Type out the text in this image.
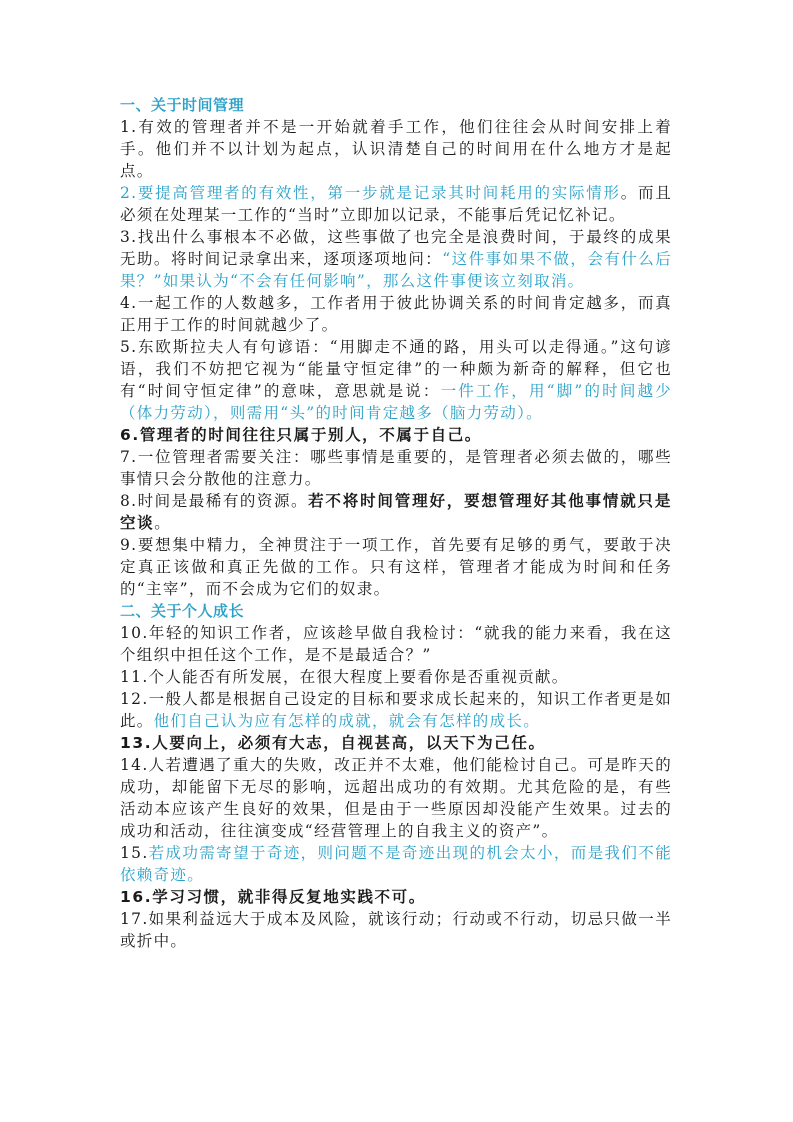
一、关于时间管理

1.有效的管理者并不是一开始就着手工作，他们往往会从时间安排上着手。他们并不以计划为起点，认识清楚自己的时间用在什么地方才是起点。

2.要提高管理者的有效性，第一步就是记录其时间耗用的实际情形。而且必须在处理某一工作的“当时”立即加以记录，不能事后凭记忆补记。

3.找出什么事根本不必做，这些事做了也完全是浪费时间，于最终的成果无助。将时间记录拿出来，逐项逐项地问：“这件事如果不做，会有什么后果？”如果认为“不会有任何影响”，那么这件事便该立刻取消。

4.一起工作的人数越多，工作者用于彼此协调关系的时间肯定越多，而真正用于工作的时间就越少了。

5.东欧斯拉夫人有句谚语：“用脚走不通的路，用头可以走得通。”这句谚语，我们不妨把它视为“能量守恒定律”的一种颇为新奇的解释，但它也有“时间守恒定律”的意味，意思就是说：一件工作，用“脚”的时间越少（体力劳动），则需用“头”的时间肯定越多（脑力劳动）。

6.管理者的时间往往只属于别人，不属于自己。

7.一位管理者需要关注：哪些事情是重要的，是管理者必须去做的，哪些事情只会分散他的注意力。

8.时间是最稀有的资源。若不将时间管理好，要想管理好其他事情就只是空谈。

9.要想集中精力，全神贯注于一项工作，首先要有足够的勇气，要敢于决定真正该做和真正先做的工作。只有这样，管理者才能成为时间和任务的“主宰”，而不会成为它们的奴隶。

二、关于个人成长

10.年轻的知识工作者，应该趁早做自我检讨：“就我的能力来看，我在这个组织中担任这个工作，是不是最适合？”

11.个人能否有所发展，在很大程度上要看你是否重视贡献。

12.一般人都是根据自己设定的目标和要求成长起来的，知识工作者更是如此。他们自己认为应有怎样的成就，就会有怎样的成长。

13.人要向上，必须有大志，自视甚高，以天下为己任。

14.人若遭遇了重大的失败，改正并不太难，他们能检讨自己。可是昨天的成功，却能留下无尽的影响，远超出成功的有效期。尤其危险的是，有些活动本应该产生良好的效果，但是由于一些原因却没能产生效果。过去的成功和活动，往往演变成“经营管理上的自我主义的资产”。

15.若成功需寄望于奇迹，则问题不是奇迹出现的机会太小，而是我们不能依赖奇迹。

16.学习习惯，就非得反复地实践不可。

17.如果利益远大于成本及风险，就该行动；行动或不行动，切忌只做一半或折中。
